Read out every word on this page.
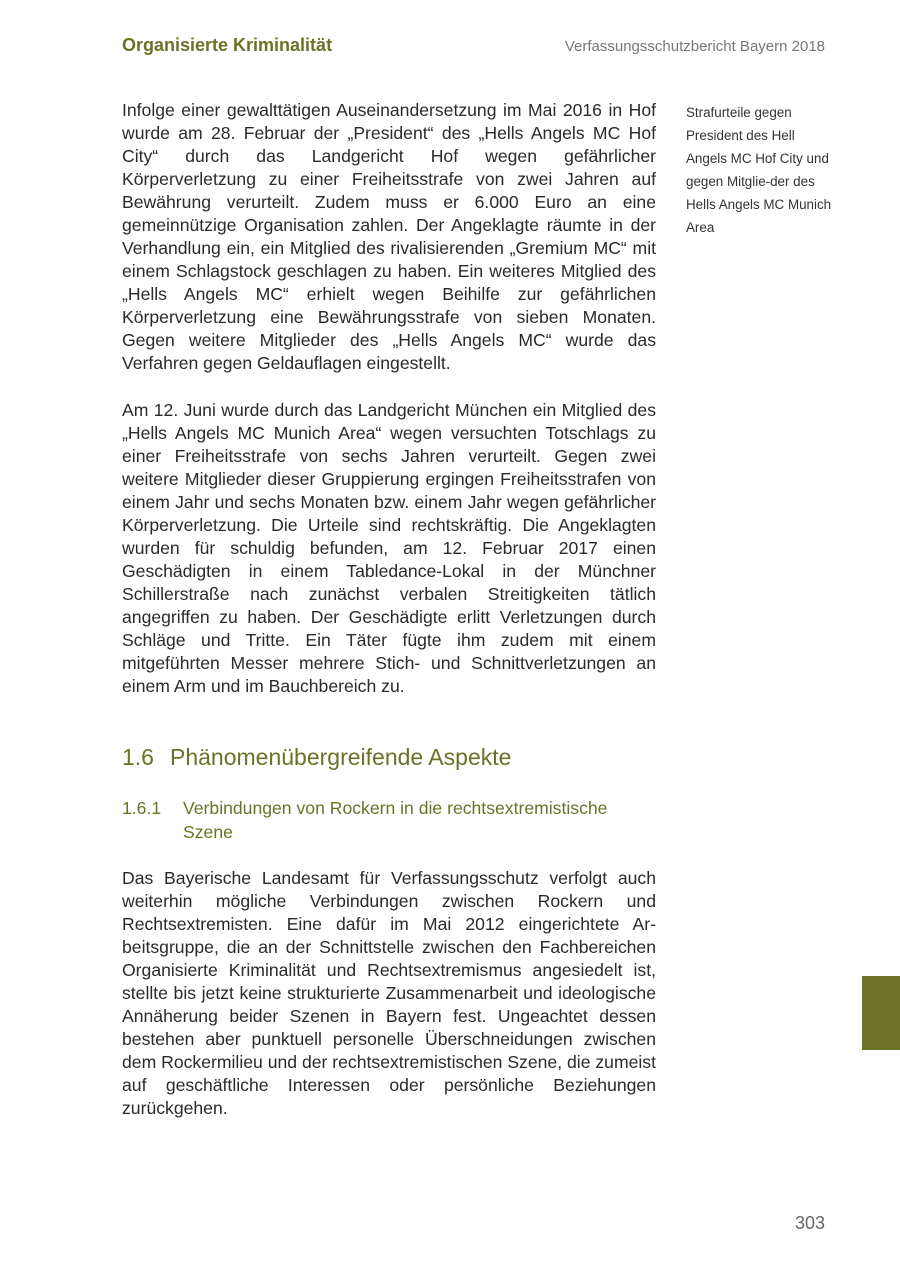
Organisierte Kriminalität	Verfassungsschutzbericht Bayern 2018

Infolge einer gewalttätigen Auseinandersetzung im Mai 2016 in Hof wurde am 28. Februar der „President“ des „Hells Angels MC Hof City“ durch das Landgericht Hof wegen gefährlicher Körperverletzung zu einer Freiheitsstrafe von zwei Jahren auf Bewährung verurteilt. Zudem muss er 6.000 Euro an eine gemeinnützige Organisation zahlen. Der Angeklagte räumte in der Verhandlung ein, ein Mitglied des rivalisierenden „Gremium MC“ mit einem Schlagstock geschlagen zu haben. Ein weiteres Mitglied des „Hells Angels MC“ erhielt wegen Beihilfe zur gefährlichen Körperverletzung eine Bewährungsstrafe von sieben Monaten. Gegen weitere Mitglieder des „Hells Angels MC“ wurde das Verfahren gegen Geldauflagen eingestellt.

Strafurteile gegen President des Hell Angels MC Hof City und gegen Mitglie-der des Hells Angels MC Munich Area

Am 12. Juni wurde durch das Landgericht München ein Mitglied des „Hells Angels MC Munich Area“ wegen versuchten Totschlags zu einer Freiheitsstrafe von sechs Jahren verurteilt. Gegen zwei weitere Mitglieder dieser Gruppierung ergingen Freiheitsstrafen von einem Jahr und sechs Monaten bzw. einem Jahr wegen gefährlicher Körperverletzung. Die Urteile sind rechtskräftig. Die Angeklagten wurden für schuldig befunden, am 12. Februar 2017 einen Geschädigten in einem Tabledance-Lokal in der Münchner Schillerstraße nach zunächst verbalen Streitigkeiten tätlich angegriffen zu haben. Der Geschädigte erlitt Verletzungen durch Schläge und Tritte. Ein Täter fügte ihm zudem mit einem mitgeführten Messer mehrere Stich- und Schnittverletzungen an einem Arm und im Bauchbereich zu.

1.6 Phänomenübergreifende Aspekte
1.6.1 Verbindungen von Rockern in die rechtsextremistische Szene

Das Bayerische Landesamt für Verfassungsschutz verfolgt auch weiterhin mögliche Verbindungen zwischen Rockern und Rechtsextremisten. Eine dafür im Mai 2012 eingerichtete Arbeitsgruppe, die an der Schnittstelle zwischen den Fachbereichen Organisierte Kriminalität und Rechtsextremismus angesiedelt ist, stellte bis jetzt keine strukturierte Zusammenarbeit und ideologische Annäherung beider Szenen in Bayern fest. Ungeachtet dessen bestehen aber punktuell personelle Überschneidungen zwischen dem Rockermilieu und der rechtsextremistischen Szene, die zumeist auf geschäftliche Interessen oder persönliche Beziehungen zurückgehen.

303
